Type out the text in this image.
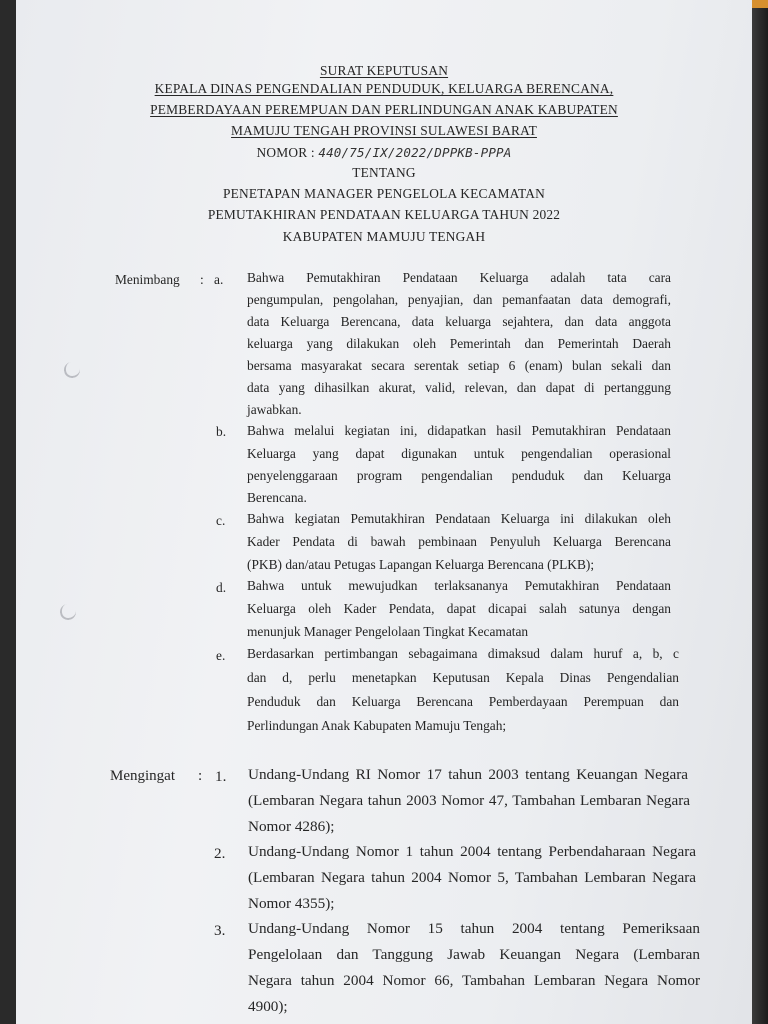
SURAT KEPUTUSAN
KEPALA DINAS PENGENDALIAN PENDUDUK, KELUARGA BERENCANA,
PEMBERDAYAAN PEREMPUAN DAN PERLINDUNGAN ANAK KABUPATEN
MAMUJU TENGAH PROVINSI SULAWESI BARAT
NOMOR : 440/75/IX/2022/DPPKB-PPPA
TENTANG
PENETAPAN MANAGER PENGELOLA KECAMATAN
PEMUTAKHIRAN PENDATAAN KELUARGA TAHUN 2022
KABUPATEN MAMUJU TENGAH
Menimbang : a. Bahwa Pemutakhiran Pendataan Keluarga adalah tata cara
pengumpulan, pengolahan, penyajian, dan pemanfaatan data demografi,
data Keluarga Berencana, data keluarga sejahtera, dan data anggota
keluarga yang dilakukan oleh Pemerintah dan Pemerintah Daerah
bersama masyarakat secara serentak setiap 6 (enam) bulan sekali dan
data yang dihasilkan akurat, valid, relevan, dan dapat di pertanggung
jawabkan.
b. Bahwa melalui kegiatan ini, didapatkan hasil Pemutakhiran Pendataan
Keluarga yang dapat digunakan untuk pengendalian operasional
penyelenggaraan program pengendalian penduduk dan Keluarga
Berencana.
c. Bahwa kegiatan Pemutakhiran Pendataan Keluarga ini dilakukan oleh
Kader Pendata di bawah pembinaan Penyuluh Keluarga Berencana
(PKB) dan/atau Petugas Lapangan Keluarga Berencana (PLKB);
d. Bahwa untuk mewujudkan terlaksananya Pemutakhiran Pendataan
Keluarga oleh Kader Pendata, dapat dicapai salah satunya dengan
menunjuk Manager Pengelolaan Tingkat Kecamatan
e. Berdasarkan pertimbangan sebagaimana dimaksud dalam huruf a, b, c
dan d, perlu menetapkan Keputusan Kepala Dinas Pengendalian
Penduduk dan Keluarga Berencana Pemberdayaan Perempuan dan
Perlindungan Anak Kabupaten Mamuju Tengah;
Mengingat : 1. Undang-Undang RI Nomor 17 tahun 2003 tentang Keuangan Negara
(Lembaran Negara tahun 2003 Nomor 47, Tambahan Lembaran Negara
Nomor 4286);
2. Undang-Undang Nomor 1 tahun 2004 tentang Perbendaharaan Negara
(Lembaran Negara tahun 2004 Nomor 5, Tambahan Lembaran Negara
Nomor 4355);
3. Undang-Undang Nomor 15 tahun 2004 tentang Pemeriksaan
Pengelolaan dan Tanggung Jawab Keuangan Negara (Lembaran
Negara tahun 2004 Nomor 66, Tambahan Lembaran Negara Nomor
4900);
